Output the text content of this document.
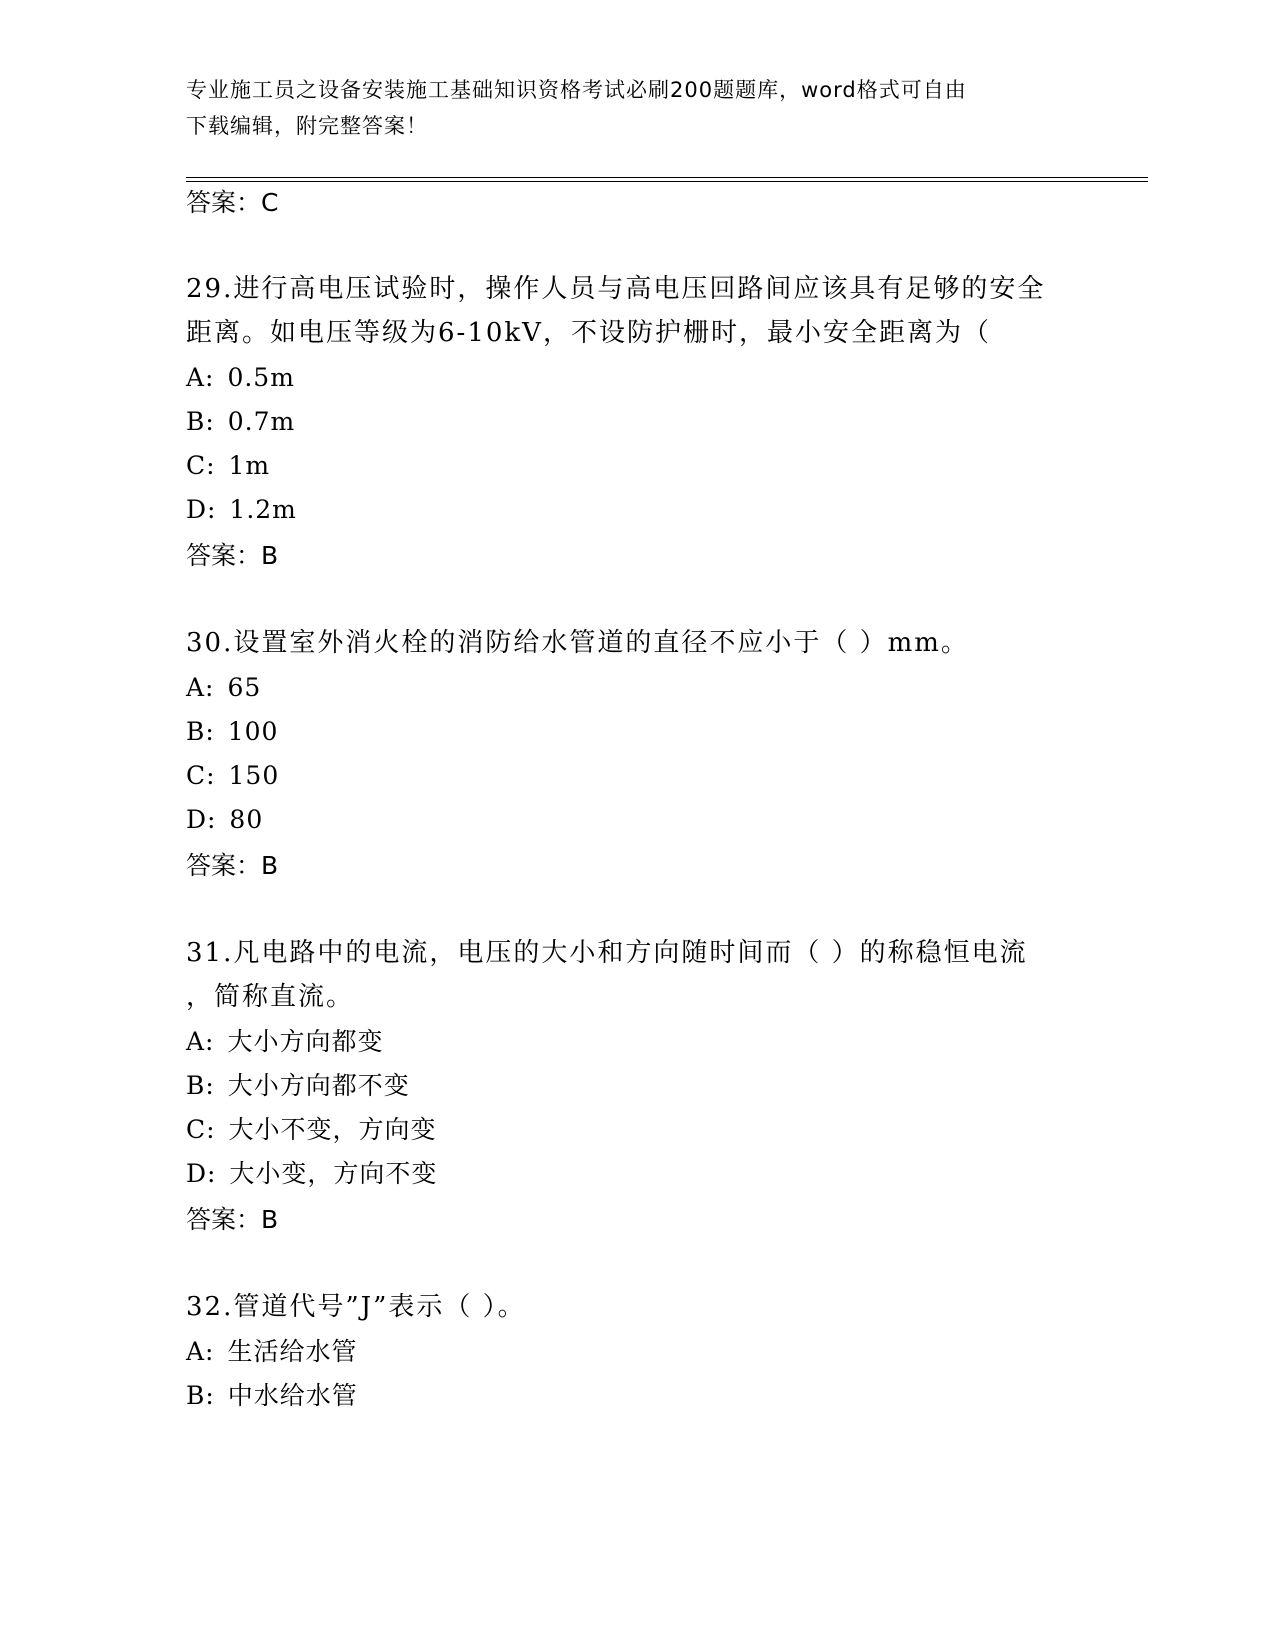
专业施工员之设备安装施工基础知识资格考试必刷200题题库，word格式可自由
下载编辑，附完整答案！
答案：C
29.进行高电压试验时，操作人员与高电压回路间应该具有足够的安全
距离。如电压等级为6-10kV，不设防护栅时，最小安全距离为（
A: 0.5m
B: 0.7m
C: 1m
D: 1.2m
答案：B
30.设置室外消火栓的消防给水管道的直径不应小于（ ）mm。
A: 65
B: 100
C: 150
D: 80
答案：B
31.凡电路中的电流，电压的大小和方向随时间而（ ）的称稳恒电流
，简称直流。
A: 大小方向都变
B: 大小方向都不变
C: 大小不变，方向变
D: 大小变，方向不变
答案：B
32.管道代号”J”表示（ ）。
A: 生活给水管
B: 中水给水管
